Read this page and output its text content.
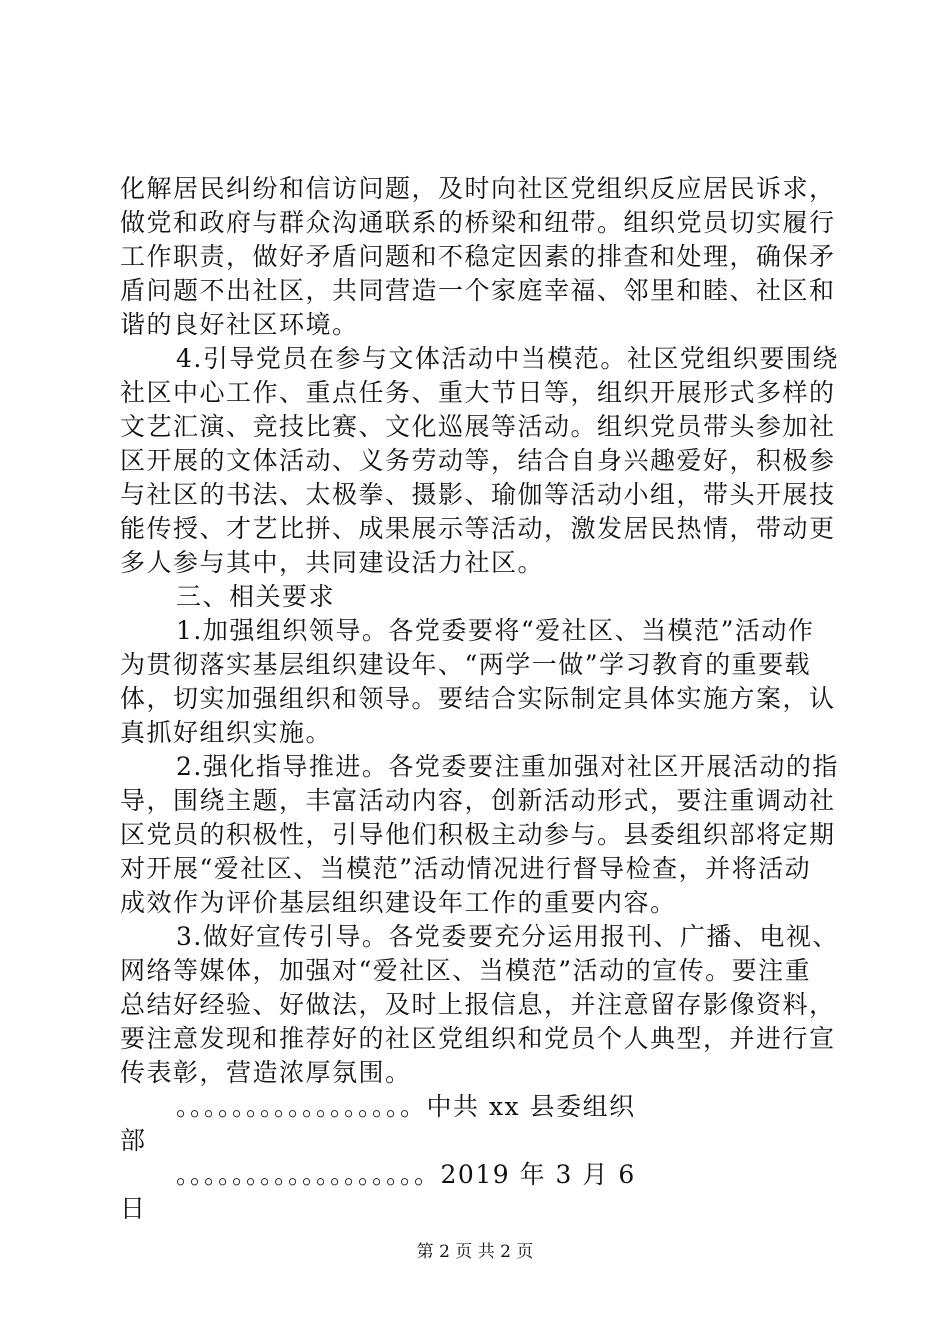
化解居民纠纷和信访问题，及时向社区党组织反应居民诉求，
做党和政府与群众沟通联系的桥梁和纽带。组织党员切实履行
工作职责，做好矛盾问题和不稳定因素的排查和处理，确保矛
盾问题不出社区，共同营造一个家庭幸福、邻里和睦、社区和
谐的良好社区环境。
4.引导党员在参与文体活动中当模范。社区党组织要围绕
社区中心工作、重点任务、重大节日等，组织开展形式多样的
文艺汇演、竞技比赛、文化巡展等活动。组织党员带头参加社
区开展的文体活动、义务劳动等，结合自身兴趣爱好，积极参
与社区的书法、太极拳、摄影、瑜伽等活动小组，带头开展技
能传授、才艺比拼、成果展示等活动，激发居民热情，带动更
多人参与其中，共同建设活力社区。
三、相关要求
1.加强组织领导。各党委要将“爱社区、当模范”活动作
为贯彻落实基层组织建设年、“两学一做”学习教育的重要载
体，切实加强组织和领导。要结合实际制定具体实施方案，认
真抓好组织实施。
2.强化指导推进。各党委要注重加强对社区开展活动的指
导，围绕主题，丰富活动内容，创新活动形式，要注重调动社
区党员的积极性，引导他们积极主动参与。县委组织部将定期
对开展“爱社区、当模范”活动情况进行督导检查，并将活动
成效作为评价基层组织建设年工作的重要内容。
3.做好宣传引导。各党委要充分运用报刊、广播、电视、
网络等媒体，加强对“爱社区、当模范”活动的宣传。要注重
总结好经验、好做法，及时上报信息，并注意留存影像资料，
要注意发现和推荐好的社区党组织和党员个人典型，并进行宣
传表彰，营造浓厚氛围。
。。。。。。。。。。。。。。。。。中共 xx 县委组织
部
。。。。。。。。。。。。。。。。。。2019 年 3 月 6
日
第 2 页 共 2 页
